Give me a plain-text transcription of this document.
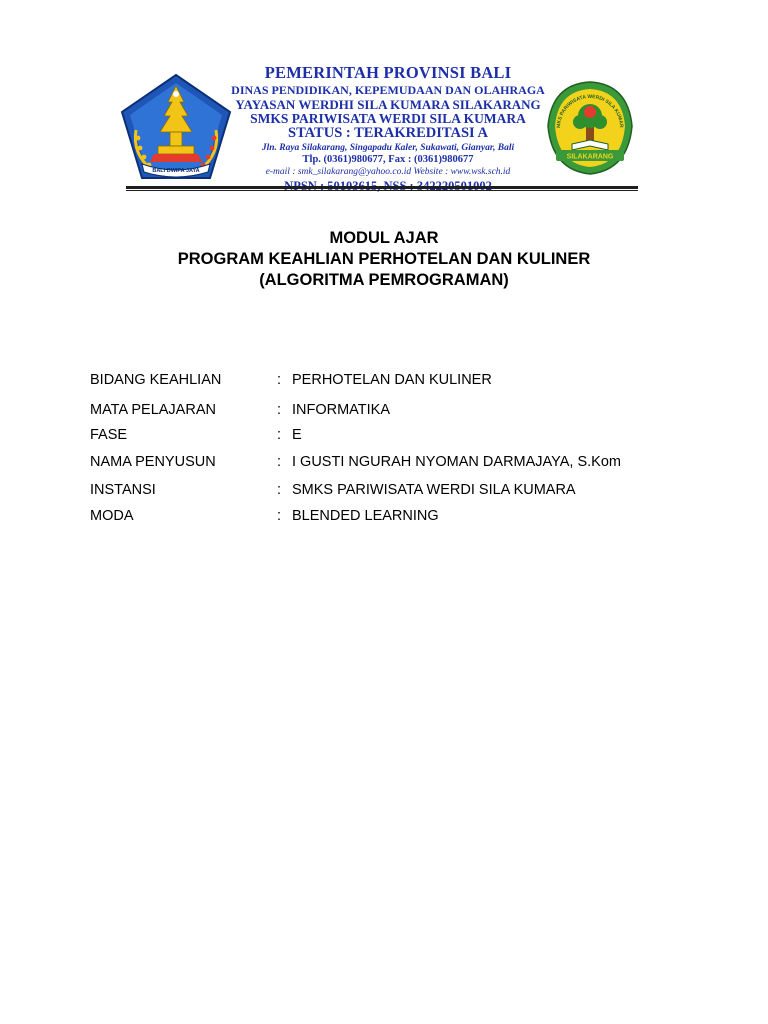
BALI DWIPA JAYA
PEMERINTAH PROVINSI BALI
DINAS PENDIDIKAN, KEPEMUDAAN DAN OLAHRAGA
YAYASAN WERDHI SILA KUMARA SILAKARANG
SMKS PARIWISATA WERDI SILA KUMARA
STATUS : TERAKREDITASI A
Jln. Raya Silakarang, Singapadu Kaler, Sukawati, Gianyar, Bali
Tlp. (0361)980677, Fax : (0361)980677
e-mail : smk_silakarang@yahoo.co.id Website : www.wsk.sch.id
MKS PARIWISATA WERDI SILA KUMAR
SILAKARANG
MODUL AJAR
PROGRAM KEAHLIAN PERHOTELAN DAN KULINER
(ALGORITMA PEMROGRAMAN)
BIDANG KEAHLIAN	: PERHOTELAN DAN KULINER
MATA PELAJARAN	: INFORMATIKA
FASE	: E
NAMA PENYUSUN	: I GUSTI NGURAH NYOMAN DARMAJAYA, S.Kom
INSTANSI	: SMKS PARIWISATA WERDI SILA KUMARA
MODA	: BLENDED LEARNING
